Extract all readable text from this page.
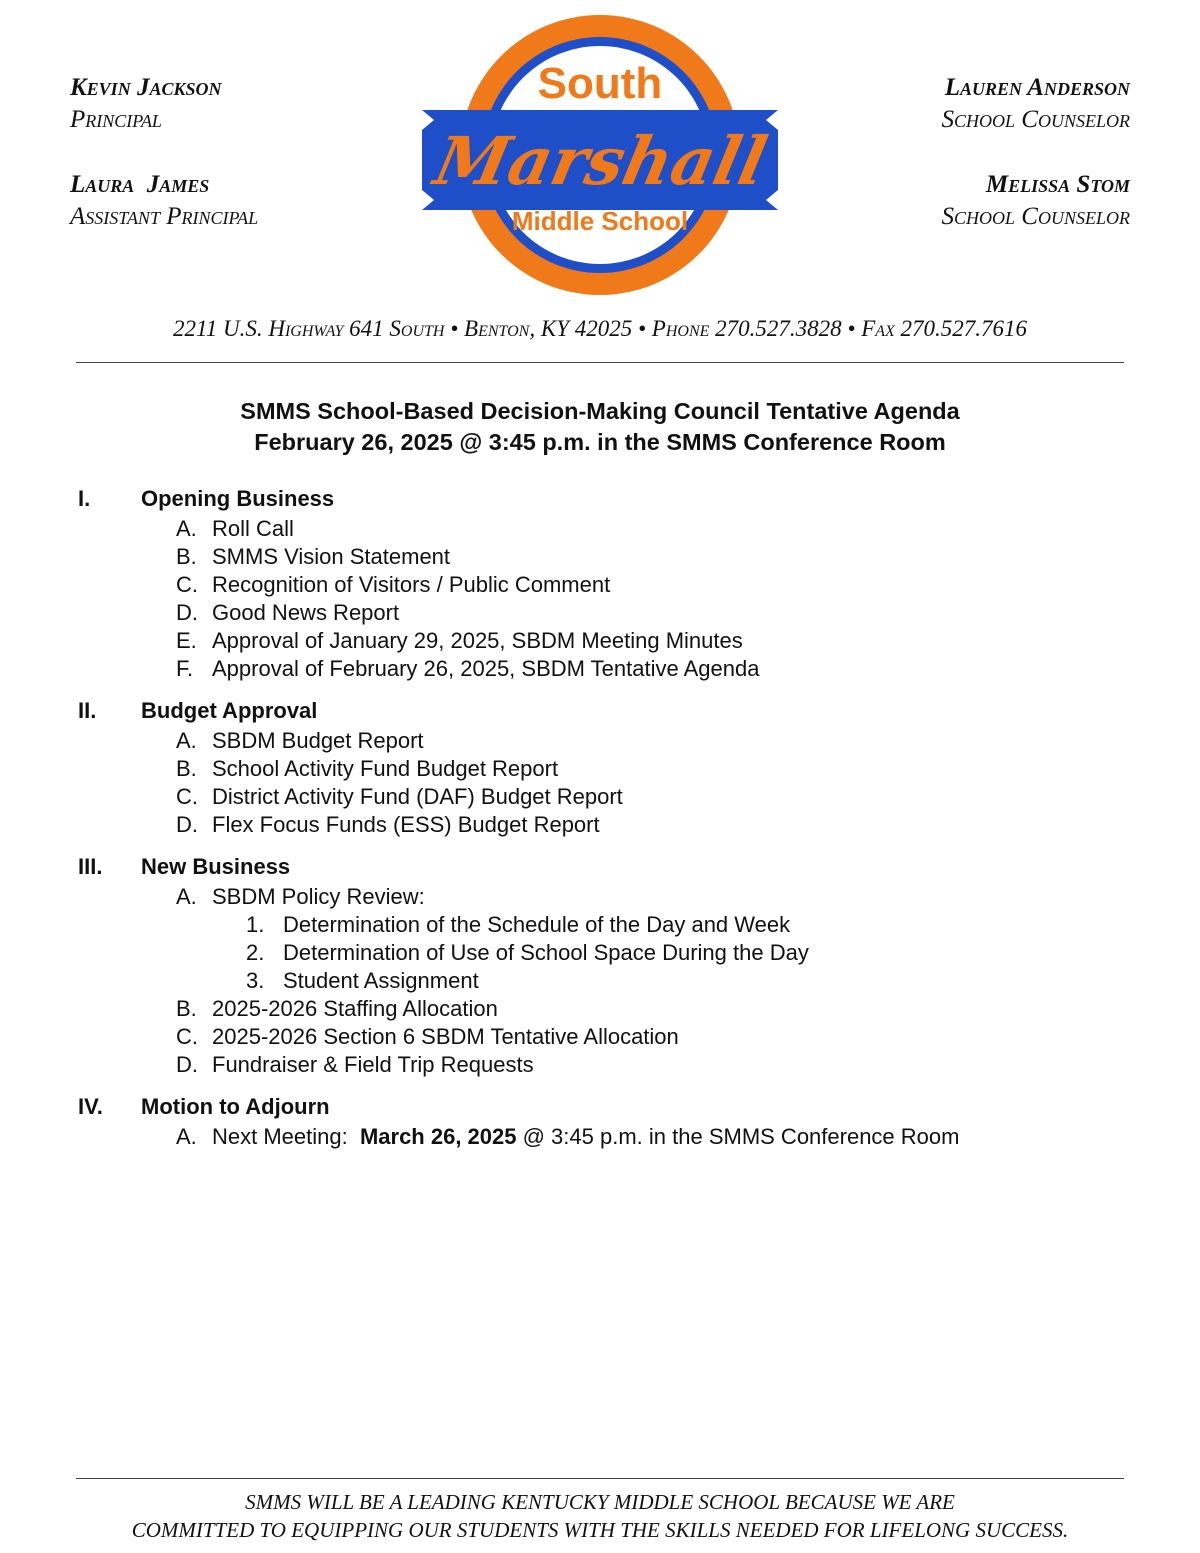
Kevin Jackson
Principal
Laura  James
Assistant Principal
Lauren Anderson
School Counselor
Melissa Stom
School Counselor
South
Marshall
Middle School
2211 U.S. Highway 641 South • Benton, KY 42025 • Phone 270.527.3828 • Fax 270.527.7616
SMMS School-Based Decision-Making Council Tentative Agenda
February 26, 2025 @ 3:45 p.m. in the SMMS Conference Room
I.	Opening Business
A. Roll Call
B. SMMS Vision Statement
C. Recognition of Visitors / Public Comment
D. Good News Report
E. Approval of January 29, 2025, SBDM Meeting Minutes
F. Approval of February 26, 2025, SBDM Tentative Agenda
II.	Budget Approval
A. SBDM Budget Report
B. School Activity Fund Budget Report
C. District Activity Fund (DAF) Budget Report
D. Flex Focus Funds (ESS) Budget Report
III.	New Business
A. SBDM Policy Review:
1. Determination of the Schedule of the Day and Week
2. Determination of Use of School Space During the Day
3. Student Assignment
B. 2025-2026 Staffing Allocation
C. 2025-2026 Section 6 SBDM Tentative Allocation
D. Fundraiser & Field Trip Requests
IV.	Motion to Adjourn
A. Next Meeting:  March 26, 2025 @ 3:45 p.m. in the SMMS Conference Room
SMMS WILL BE A LEADING KENTUCKY MIDDLE SCHOOL BECAUSE WE ARE
COMMITTED TO EQUIPPING OUR STUDENTS WITH THE SKILLS NEEDED FOR LIFELONG SUCCESS.
